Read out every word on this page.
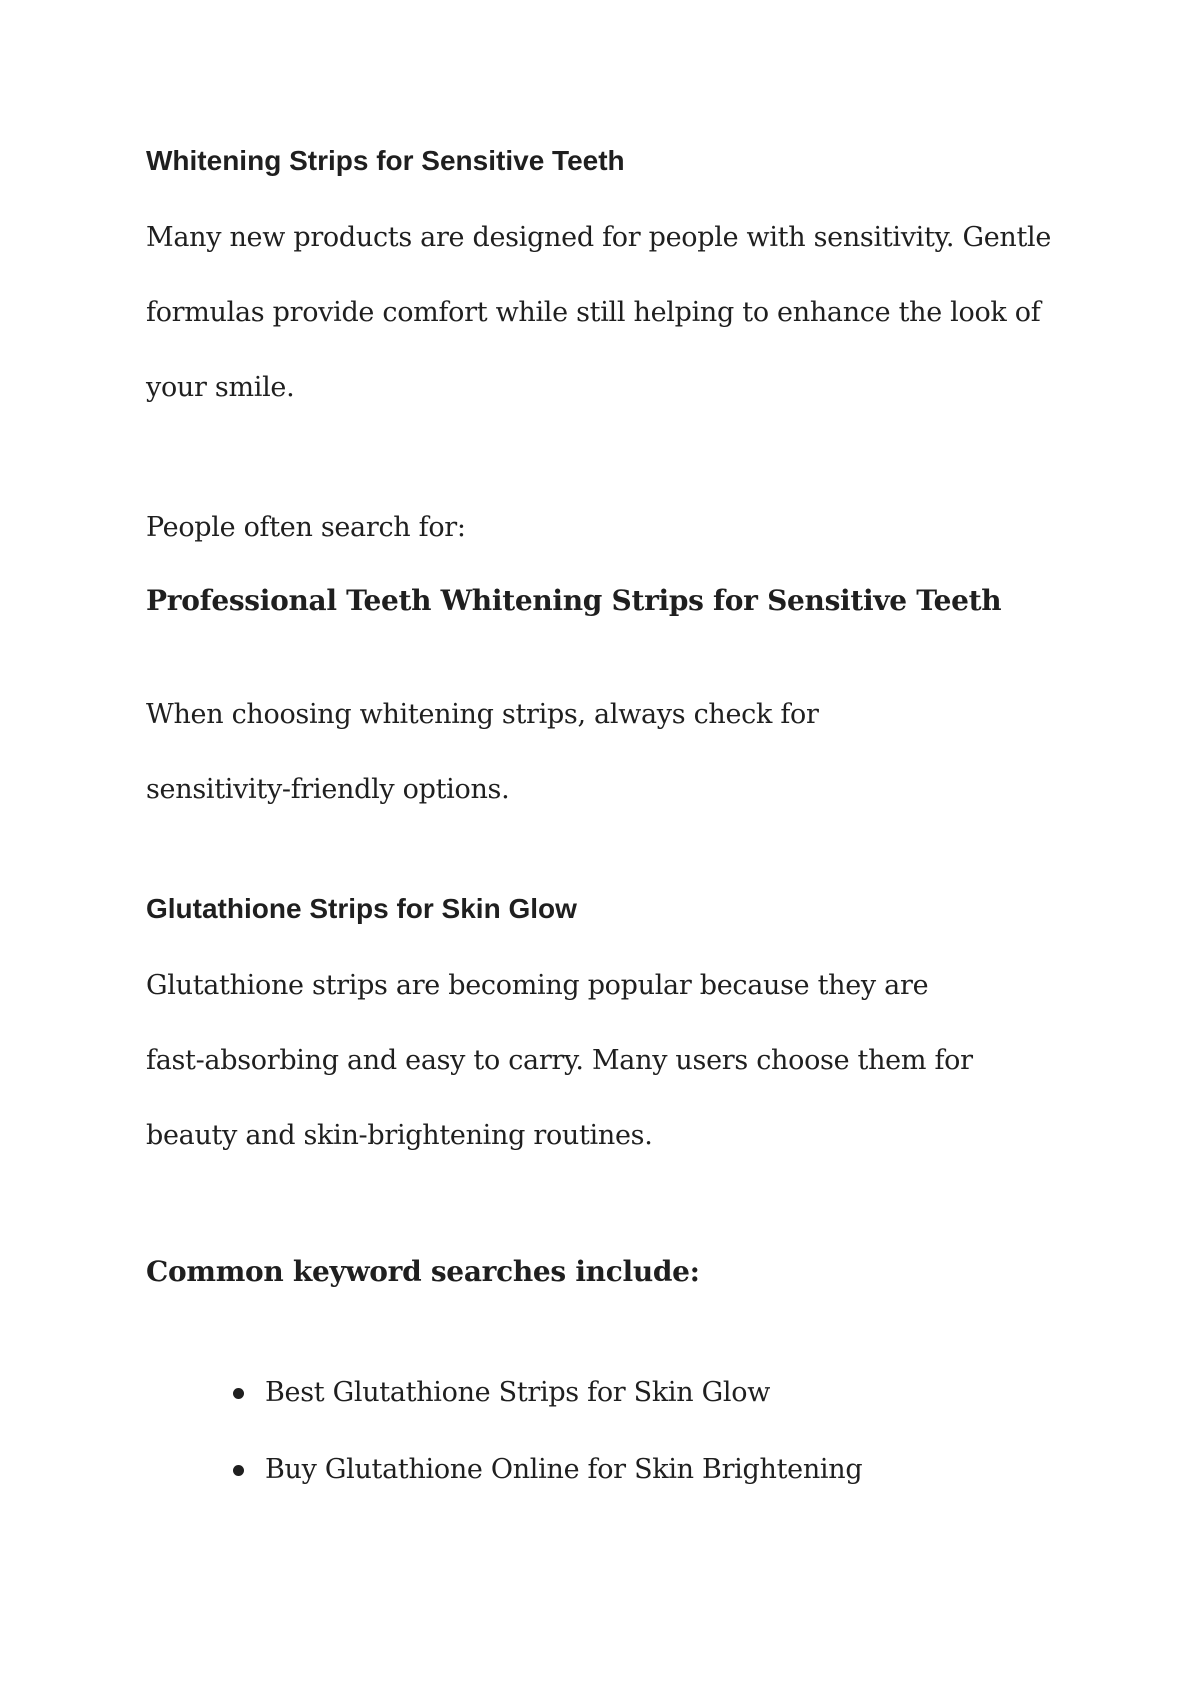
Whitening Strips for Sensitive Teeth
Many new products are designed for people with sensitivity. Gentle
formulas provide comfort while still helping to enhance the look of
your smile.

People often search for:

Professional Teeth Whitening Strips for Sensitive Teeth

When choosing whitening strips, always check for
sensitivity-friendly options.
Glutathione Strips for Skin Glow
Glutathione strips are becoming popular because they are
fast-absorbing and easy to carry. Many users choose them for
beauty and skin-brightening routines.

Common keyword searches include:

Best Glutathione Strips for Skin Glow
Buy Glutathione Online for Skin Brightening
